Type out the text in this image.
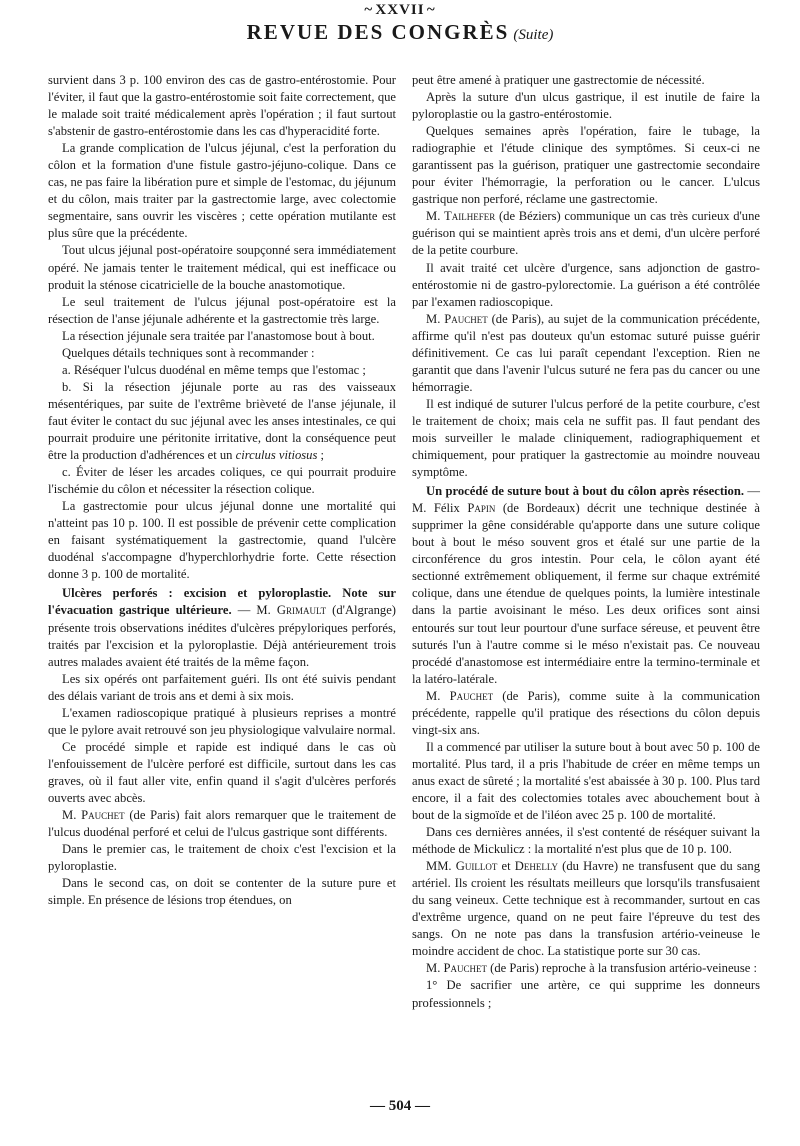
~ XXVII ~
REVUE DES CONGRÈS (Suite)

survient dans 3 p. 100 environ des cas de gastro-entérostomie. Pour l'éviter, il faut que la gastro-entérostomie soit faite correctement, que le malade soit traité médicalement après l'opération ; il faut surtout s'abstenir de gastro-entérostomie dans les cas d'hyperacidité forte.

La grande complication de l'ulcus jéjunal, c'est la perforation du côlon et la formation d'une fistule gastro-jéjuno-colique. Dans ce cas, ne pas faire la libération pure et simple de l'estomac, du jéjunum et du côlon, mais traiter par la gastrectomie large, avec colectomie segmentaire, sans ouvrir les viscères ; cette opération mutilante est plus sûre que la précédente.

Tout ulcus jéjunal post-opératoire soupçonné sera immédiatement opéré. Ne jamais tenter le traitement médical, qui est inefficace ou produit la sténose cicatricielle de la bouche anastomotique.

Le seul traitement de l'ulcus jéjunal post-opératoire est la résection de l'anse jéjunale adhérente et la gastrectomie très large.

La résection jéjunale sera traitée par l'anastomose bout à bout.

Quelques détails techniques sont à recommander :

a. Réséquer l'ulcus duodénal en même temps que l'estomac ;

b. Si la résection jéjunale porte au ras des vaisseaux mésentériques, par suite de l'extrême brièveté de l'anse jéjunale, il faut éviter le contact du suc jéjunal avec les anses intestinales, ce qui pourrait produire une péritonite irritative, dont la conséquence peut être la production d'adhérences et un circulus vitiosus ;

c. Éviter de léser les arcades coliques, ce qui pourrait produire l'ischémie du côlon et nécessiter la résection colique.

La gastrectomie pour ulcus jéjunal donne une mortalité qui n'atteint pas 10 p. 100. Il est possible de prévenir cette complication en faisant systématiquement la gastrectomie, quand l'ulcère duodénal s'accompagne d'hyperchlorhydrie forte. Cette résection donne 3 p. 100 de mortalité.

Ulcères perforés : excision et pyloroplastie. Note sur l'évacuation gastrique ultérieure. — M. Grimault (d'Algrange) présente trois observations inédites d'ulcères prépyloriques perforés, traités par l'excision et la pyloroplastie. Déjà antérieurement trois autres malades avaient été traités de la même façon.

Les six opérés ont parfaitement guéri. Ils ont été suivis pendant des délais variant de trois ans et demi à six mois.

L'examen radioscopique pratiqué à plusieurs reprises a montré que le pylore avait retrouvé son jeu physiologique valvulaire normal.

Ce procédé simple et rapide est indiqué dans le cas où l'enfouissement de l'ulcère perforé est difficile, surtout dans les cas graves, où il faut aller vite, enfin quand il s'agit d'ulcères perforés ouverts avec abcès.

M. Pauchet (de Paris) fait alors remarquer que le traitement de l'ulcus duodénal perforé et celui de l'ulcus gastrique sont différents.

Dans le premier cas, le traitement de choix c'est l'excision et la pyloroplastie.

Dans le second cas, on doit se contenter de la suture pure et simple. En présence de lésions trop étendues, on

peut être amené à pratiquer une gastrectomie de nécessité.

Après la suture d'un ulcus gastrique, il est inutile de faire la pyloroplastie ou la gastro-entérostomie.

Quelques semaines après l'opération, faire le tubage, la radiographie et l'étude clinique des symptômes. Si ceux-ci ne garantissent pas la guérison, pratiquer une gastrectomie secondaire pour éviter l'hémorragie, la perforation ou le cancer. L'ulcus gastrique non perforé, réclame une gastrectomie.

M. Tailhefer (de Béziers) communique un cas très curieux d'une guérison qui se maintient après trois ans et demi, d'un ulcère perforé de la petite courbure.

Il avait traité cet ulcère d'urgence, sans adjonction de gastro-entérostomie ni de gastro-pylorectomie. La guérison a été contrôlée par l'examen radioscopique.

M. Pauchet (de Paris), au sujet de la communication précédente, affirme qu'il n'est pas douteux qu'un estomac suturé puisse guérir définitivement. Ce cas lui paraît cependant l'exception. Rien ne garantit que dans l'avenir l'ulcus suturé ne fera pas du cancer ou une hémorragie.

Il est indiqué de suturer l'ulcus perforé de la petite courbure, c'est le traitement de choix; mais cela ne suffit pas. Il faut pendant des mois surveiller le malade cliniquement, radiographiquement et chimiquement, pour pratiquer la gastrectomie au moindre nouveau symptôme.

Un procédé de suture bout à bout du côlon après résection. — M. Félix Papin (de Bordeaux) décrit une technique destinée à supprimer la gêne considérable qu'apporte dans une suture colique bout à bout le méso souvent gros et étalé sur une partie de la circonférence du gros intestin. Pour cela, le côlon ayant été sectionné extrêmement obliquement, il ferme sur chaque extrémité colique, dans une étendue de quelques points, la lumière intestinale dans la partie avoisinant le méso. Les deux orifices sont ainsi entourés sur tout leur pourtour d'une surface séreuse, et peuvent être suturés l'un à l'autre comme si le méso n'existait pas. Ce nouveau procédé d'anastomose est intermédiaire entre la termino-terminale et la latéro-latérale.

M. Pauchet (de Paris), comme suite à la communication précédente, rappelle qu'il pratique des résections du côlon depuis vingt-six ans.

Il a commencé par utiliser la suture bout à bout avec 50 p. 100 de mortalité. Plus tard, il a pris l'habitude de créer en même temps un anus exact de sûreté ; la mortalité s'est abaissée à 30 p. 100. Plus tard encore, il a fait des colectomies totales avec abouchement bout à bout de la sigmoïde et de l'iléon avec 25 p. 100 de mortalité.

Dans ces dernières années, il s'est contenté de réséquer suivant la méthode de Mickulicz : la mortalité n'est plus que de 10 p. 100.

MM. Guillot et Dehelly (du Havre) ne transfusent que du sang artériel. Ils croient les résultats meilleurs que lorsqu'ils transfusaient du sang veineux. Cette technique est à recommander, surtout en cas d'extrême urgence, quand on ne peut faire l'épreuve du test des sangs. On ne note pas dans la transfusion artério-veineuse le moindre accident de choc. La statistique porte sur 30 cas.

M. Pauchet (de Paris) reproche à la transfusion artério-veineuse :

1° De sacrifier une artère, ce qui supprime les donneurs professionnels ;

— 504 —
